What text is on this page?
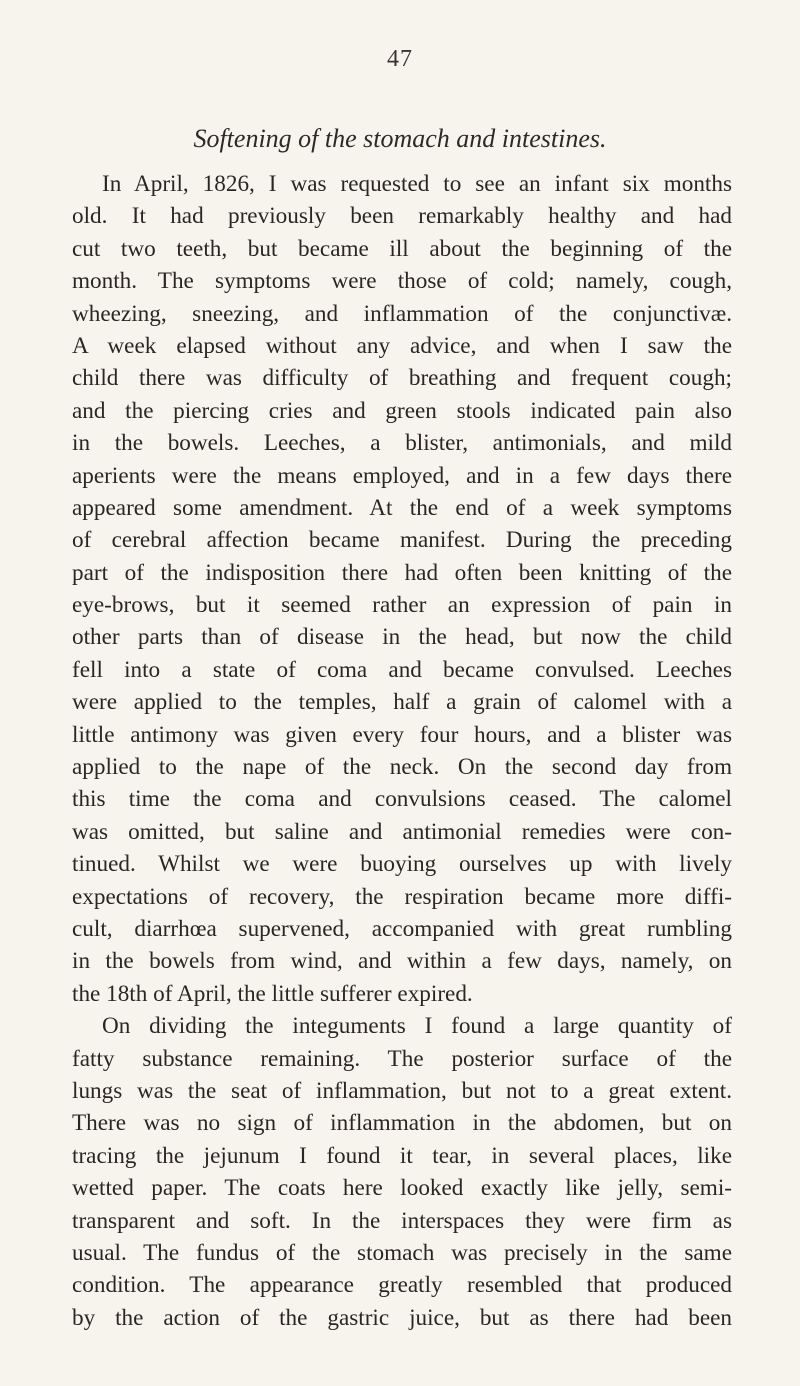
47
Softening of the stomach and intestines.
In April, 1826, I was requested to see an infant six months
old. It had previously been remarkably healthy and had
cut two teeth, but became ill about the beginning of the
month. The symptoms were those of cold; namely, cough,
wheezing, sneezing, and inflammation of the conjunctivæ.
A week elapsed without any advice, and when I saw the
child there was difficulty of breathing and frequent cough;
and the piercing cries and green stools indicated pain also
in the bowels. Leeches, a blister, antimonials, and mild
aperients were the means employed, and in a few days there
appeared some amendment. At the end of a week symptoms
of cerebral affection became manifest. During the preceding
part of the indisposition there had often been knitting of the
eye-brows, but it seemed rather an expression of pain in
other parts than of disease in the head, but now the child
fell into a state of coma and became convulsed. Leeches
were applied to the temples, half a grain of calomel with a
little antimony was given every four hours, and a blister was
applied to the nape of the neck. On the second day from
this time the coma and convulsions ceased. The calomel
was omitted, but saline and antimonial remedies were con-
tinued. Whilst we were buoying ourselves up with lively
expectations of recovery, the respiration became more diffi-
cult, diarrhœa supervened, accompanied with great rumbling
in the bowels from wind, and within a few days, namely, on
the 18th of April, the little sufferer expired.
On dividing the integuments I found a large quantity of
fatty substance remaining. The posterior surface of the
lungs was the seat of inflammation, but not to a great extent.
There was no sign of inflammation in the abdomen, but on
tracing the jejunum I found it tear, in several places, like
wetted paper. The coats here looked exactly like jelly, semi-
transparent and soft. In the interspaces they were firm as
usual. The fundus of the stomach was precisely in the same
condition. The appearance greatly resembled that produced
by the action of the gastric juice, but as there had been
